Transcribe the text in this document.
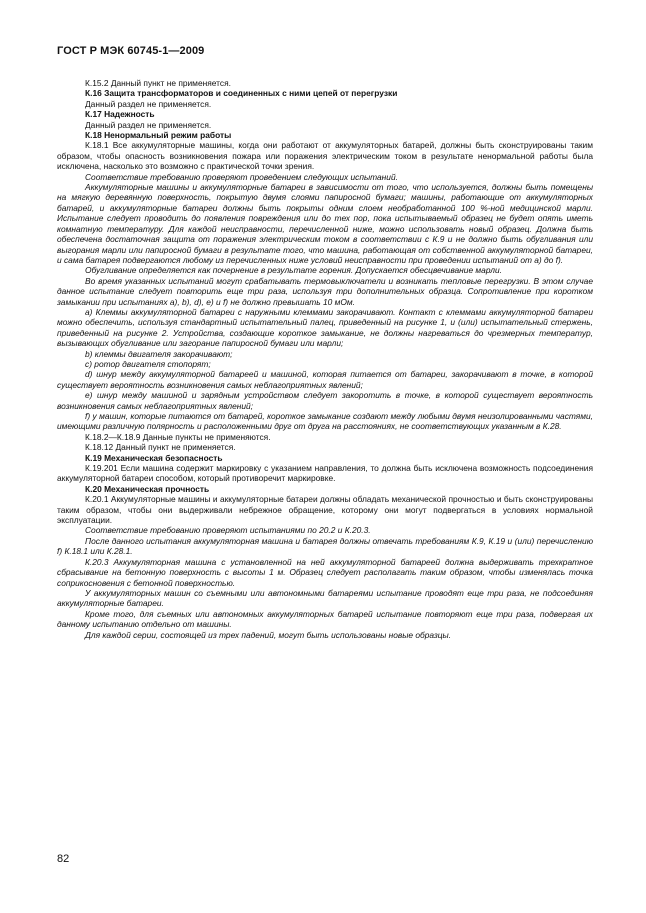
ГОСТ Р МЭК 60745-1—2009

К.15.2 Данный пункт не применяется.

К.16 Защита трансформаторов и соединенных с ними цепей от перегрузки

Данный раздел не применяется.

К.17 Надежность

Данный раздел не применяется.

К.18 Ненормальный режим работы

К.18.1 Все аккумуляторные машины, когда они работают от аккумуляторных батарей, должны быть сконструированы таким образом, чтобы опасность возникновения пожара или поражения электрическим током в результате ненормальной работы была исключена, насколько это возможно с практической точки зрения.

Соответствие требованию проверяют проведением следующих испытаний.

Аккумуляторные машины и аккумуляторные батареи в зависимости от того, что используется, должны быть помещены на мягкую деревянную поверхность, покрытую двумя слоями папиросной бумаги; машины, работающие от аккумуляторных батарей, и аккумуляторные батареи должны быть покрыты одним слоем необработанной 100 %-ной медицинской марли. Испытание следует проводить до появления повреждения или до тех пор, пока испытываемый образец не будет опять иметь комнатную температуру. Для каждой неисправности, перечисленной ниже, можно использовать новый образец. Должна быть обеспечена достаточная защита от поражения электрическим током в соответствии с К.9 и не должно быть обугливания или выгорания марли или папиросной бумаги в результате того, что машина, работающая от собственной аккумуляторной батареи, и сама батарея подвергаются любому из перечисленных ниже условий неисправности при проведении испытаний от а) до f).

Обугливание определяется как почернение в результате горения. Допускается обесцвечивание марли.

Во время указанных испытаний могут срабатывать термовыключатели и возникать тепловые перегрузки. В этом случае данное испытание следует повторить еще три раза, используя три дополнительных образца. Сопротивление при коротком замыкании при испытаниях а), b), d), е) и f) не должно превышать 10 мОм.

а) Клеммы аккумуляторной батареи с наружными клеммами закорачивают. Контакт с клеммами аккумуляторной батареи можно обеспечить, используя стандартный испытательный палец, приведенный на рисунке 1, и (или) испытательный стержень, приведенный на рисунке 2. Устройства, создающие короткое замыкание, не должны нагреваться до чрезмерных температур, вызывающих обугливание или загорание папиросной бумаги или марли;

b) клеммы двигателя закорачивают;

с) ротор двигателя стопорят;

d) шнур между аккумуляторной батареей и машиной, которая питается от батареи, закорачивают в точке, в которой существует вероятность возникновения самых неблагоприятных явлений;

е) шнур между машиной и зарядным устройством следует закоротить в точке, в которой существует вероятность возникновения самых неблагоприятных явлений;

f) у машин, которые питаются от батарей, короткое замыкание создают между любыми двумя неизолированными частями, имеющими различную полярность и расположенными друг от друга на расстояниях, не соответствующих указанным в К.28.

К.18.2—К.18.9 Данные пункты не применяются.

К.18.12 Данный пункт не применяется.

К.19 Механическая безопасность

К.19.201 Если машина содержит маркировку с указанием направления, то должна быть исключена возможность подсоединения аккумуляторной батареи способом, который противоречит маркировке.

К.20 Механическая прочность

К.20.1 Аккумуляторные машины и аккумуляторные батареи должны обладать механической прочностью и быть сконструированы таким образом, чтобы они выдерживали небрежное обращение, которому они могут подвергаться в условиях нормальной эксплуатации.

Соответствие требованию проверяют испытаниями по 20.2 и К.20.3.

После данного испытания аккумуляторная машина и батарея должны отвечать требованиям К.9, К.19 и (или) перечислению f) К.18.1 или К.28.1.

К.20.3 Аккумуляторная машина с установленной на ней аккумуляторной батареей должна выдерживать трехкратное сбрасывание на бетонную поверхность с высоты 1 м. Образец следует располагать таким образом, чтобы изменялась точка соприкосновения с бетонной поверхностью.

У аккумуляторных машин со съемными или автономными батареями испытание проводят еще три раза, не подсоединяя аккумуляторные батареи.

Кроме того, для съемных или автономных аккумуляторных батарей испытание повторяют еще три раза, подвергая их данному испытанию отдельно от машины.

Для каждой серии, состоящей из трех падений, могут быть использованы новые образцы.

82
